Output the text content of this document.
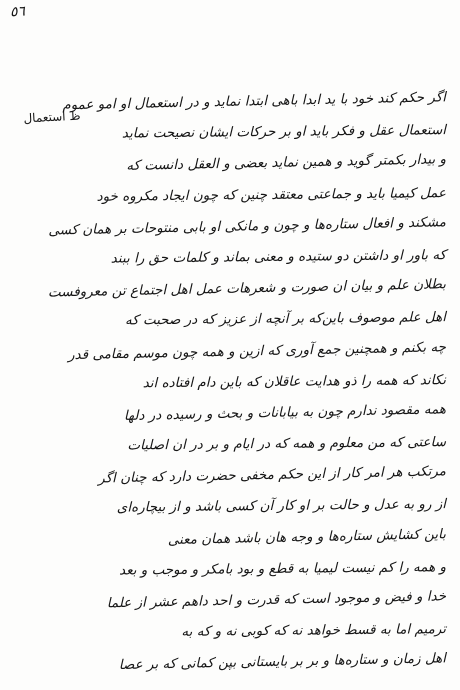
٥٦
ظ استعمال
اگر حکم کند خود با ید ابدا باهی ابتدا نماید و در استعمال او امو عموم
استعمال عقل و فکر باید او بر حرکات ایشان نصیحت نماید
و بیدار بکمتر گوید و همین نماید بعضی و العقل دانست که
عمل کیمیا باید و جماعتی معتقد چنین که چون ایجاد مکروه خود
مشکند و افعال ستاره‌ها و چون و مانکی او بابی منتوحات بر همان کسی
که باور او داشتن دو ستیده و معنی بماند و کلمات حق را ببند
بطلان علم و بیان ان صورت و شعرهات عمل اهل اجتماع تن معروفست
اهل علم موصوف باین‌که بر آنچه از عزیز که در صحبت که
چه بکنم و همچنین جمع آوری که ازین و همه چون موسم مقامی قدر
نکاند که همه را ذو هدایت عاقلان که باین دام افتاده اند
همه مقصود ندارم چون به بیابانات و بحث و رسیده در دلها
ساعتی که من معلوم و همه که در ایام و بر در ان اصلیات
مرتکب هر امر کار از این حکم مخفی حضرت دارد که چنان اگر
از رو به عدل و حالت بر او کار آن کسی باشد و از بیچاره‌ای
باین کشایش ستاره‌ها و وجه هان باشد همان معنی
و همه را کم نیست لیمیا به قطع و بود بامکر و موجب و بعد
خدا و فیض و موجود است که قدرت و احد داهم عشر از علما
ترمیم اما به قسط خواهد نه که کوبی نه و که به
اهل زمان و ستاره‌ها و بر بر بایستانی بپن کمانی که بر عصا
